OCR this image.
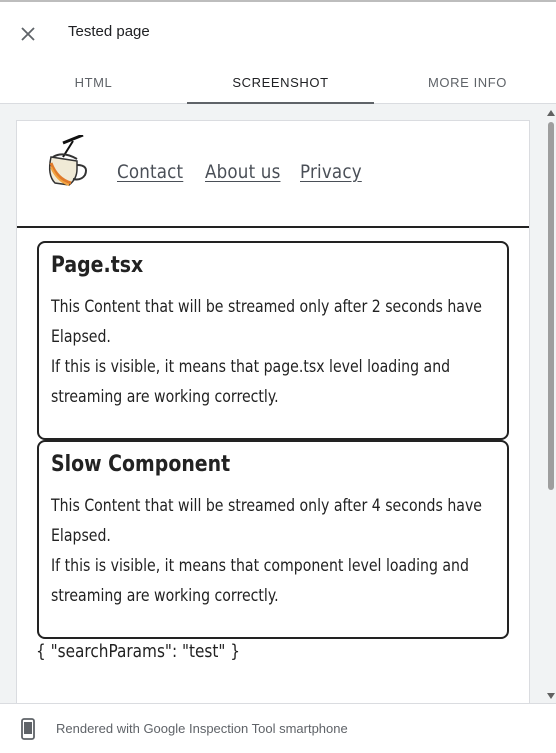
Tested page
HTML	SCREENSHOT	MORE INFO
Contact About us Privacy
Page.tsx

This Content that will be streamed only after 2 seconds have Elapsed.

If this is visible, it means that page.tsx level loading and streaming are working correctly.

Slow Component

This Content that will be streamed only after 4 seconds have Elapsed.

If this is visible, it means that component level loading and streaming are working correctly.

{ "searchParams": "test" }
Rendered with Google Inspection Tool smartphone
